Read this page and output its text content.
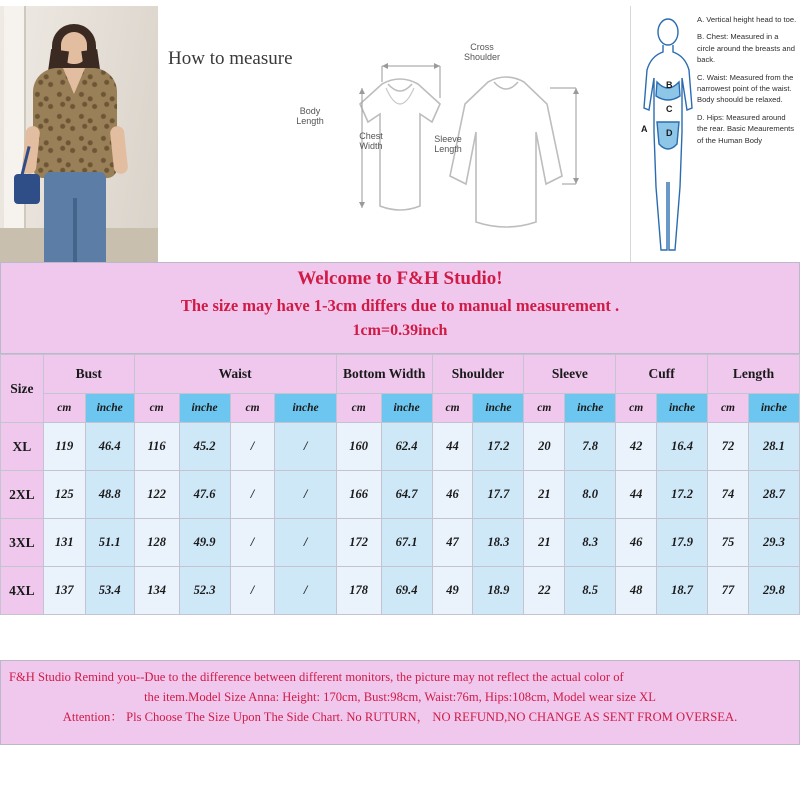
How to measure
Cross
Shoulder
Body
Length
Chest
Width
Sleeve
Length
A
B
C
D

A. Vertical height head to toe.

B. Chest: Measured in a circle around the breasts and back.

C. Waist: Measured from the narrowest point of the waist. Body shoould be relaxed.

D. Hips: Measured around the rear. Basic Meaurements of the Human Body

Welcome to F&H Studio!
The size may have 1-3cm differs due to manual measurement .
1cm=0.39inch
Size	Bust		Waist				Bottom Width		Shoulder		Sleeve		Cuff		Length	
	cm	inche	cm	inche	cm	inche	cm	inche	cm	inche	cm	inche	cm	inche	cm	inche
XL	119	46.4	116	45.2	/	/	160	62.4	44	17.2	20	7.8	42	16.4	72	28.1
2XL	125	48.8	122	47.6	/	/	166	64.7	46	17.7	21	8.0	44	17.2	74	28.7
3XL	131	51.1	128	49.9	/	/	172	67.1	47	18.3	21	8.3	46	17.9	75	29.3
4XL	137	53.4	134	52.3	/	/	178	69.4	49	18.9	22	8.5	48	18.7	77	29.8
F&H Studio Remind you--Due to the difference between different monitors, the picture may not reflect the actual color of
the item.Model Size Anna: Height: 170cm, Bust:98cm, Waist:76m, Hips:108cm, Model wear size XL
Attention： Pls Choose The Size Upon The Side Chart. No RUTURN， NO REFUND,NO CHANGE AS SENT FROM OVERSEA.
